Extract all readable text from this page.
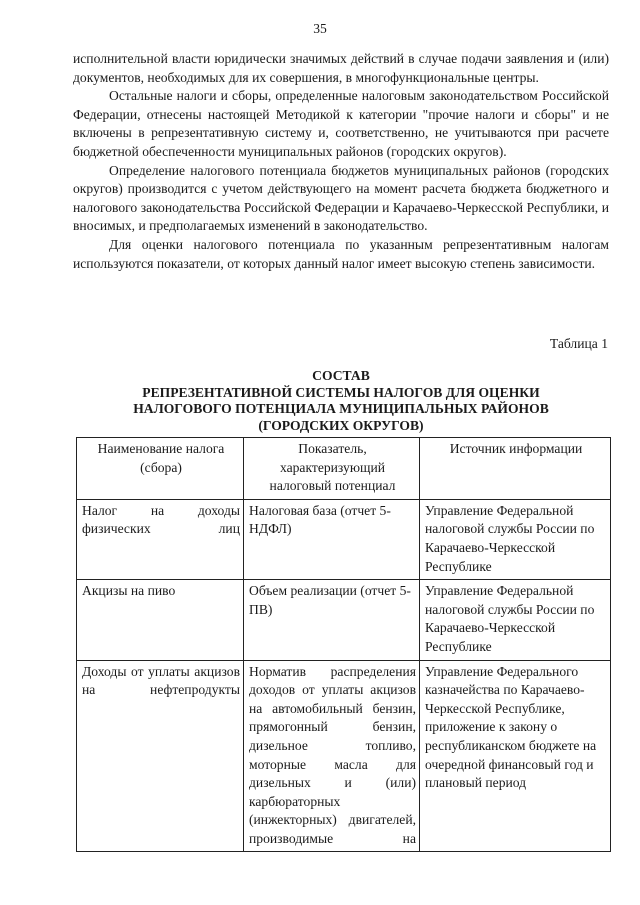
35

исполнительной власти юридически значимых действий в случае подачи заявления и (или) документов, необходимых для их совершения, в многофункциональные центры.

Остальные налоги и сборы, определенные налоговым законодательством Российской Федерации, отнесены настоящей Методикой к категории "прочие налоги и сборы" и не включены в репрезентативную систему и, соответственно, не учитываются при расчете бюджетной обеспеченности муниципальных районов (городских округов).

Определение налогового потенциала бюджетов муниципальных районов (городских округов) производится с учетом действующего на момент расчета бюджета бюджетного и налогового законодательства Российской Федерации и Карачаево-Черкесской Республики, и вносимых, и предполагаемых изменений в законодательство.

Для оценки налогового потенциала по указанным репрезентативным налогам используются показатели, от которых данный налог имеет высокую степень зависимости.

Таблица 1
СОСТАВ
РЕПРЕЗЕНТАТИВНОЙ СИСТЕМЫ НАЛОГОВ ДЛЯ ОЦЕНКИ
НАЛОГОВОГО ПОТЕНЦИАЛА МУНИЦИПАЛЬНЫХ РАЙОНОВ
(ГОРОДСКИХ ОКРУГОВ)
Наименование налога (сбора)	Показатель, характеризующий налоговый потенциал	Источник информации
Налог на доходы физических лиц	Налоговая база (отчет 5-НДФЛ)	Управление Федеральной налоговой службы России по Карачаево-Черкесской Республике
Акцизы на пиво	Объем реализации (отчет 5-ПВ)	Управление Федеральной налоговой службы России по Карачаево-Черкесской Республике
Доходы от уплаты акцизов на нефтепродукты	Норматив распределения доходов от уплаты акцизов на автомобильный бензин, прямогонный бензин, дизельное топливо, моторные масла для дизельных и (или) карбюраторных (инжекторных) двигателей, производимые на	Управление Федерального казначейства по Карачаево-Черкесской Республике, приложение к закону о республиканском бюджете на очередной финансовый год и плановый период
